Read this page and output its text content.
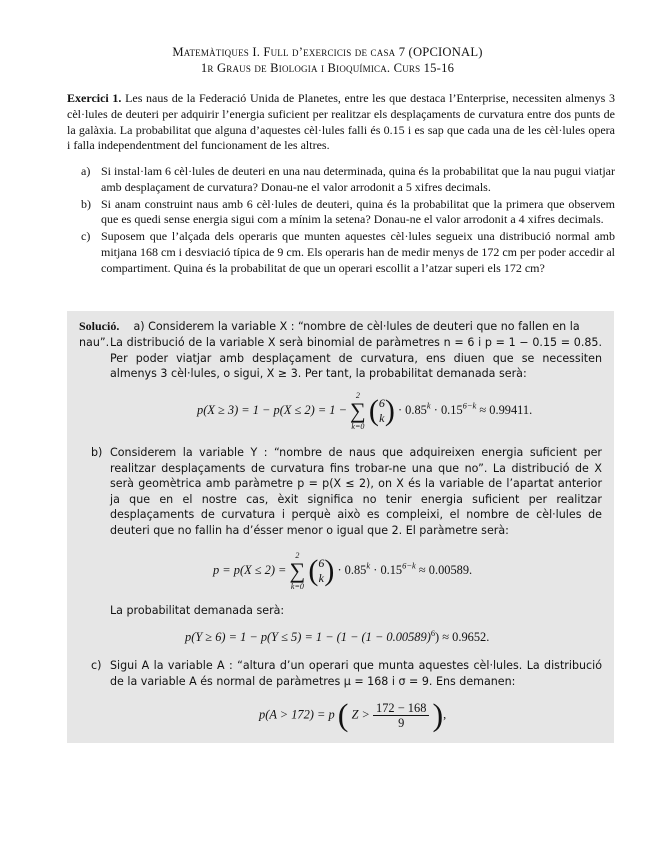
Matemàtiques I. Full d’exercicis de casa 7 (OPCIONAL)
1r Graus de Biologia i Bioquímica. Curs 15-16
Exercici 1. Les naus de la Federació Unida de Planetes, entre les que destaca l’Enterprise, necessiten almenys 3 cèl·lules de deuteri per adquirir l’energia suficient per realitzar els desplaçaments de curvatura entre dos punts de la galàxia. La probabilitat que alguna d’aquestes cèl·lules falli és 0.15 i es sap que cada una de les cèl·lules opera i falla independentment del funcionament de les altres.
a) Si instal·lam 6 cèl·lules de deuteri en una nau determinada, quina és la probabilitat que la nau pugui viatjar amb desplaçament de curvatura? Donau-ne el valor arrodonit a 5 xifres decimals.
b) Si anam construint naus amb 6 cèl·lules de deuteri, quina és la probabilitat que la primera que observem que es quedi sense energia sigui com a mínim la setena? Donau-ne el valor arrodonit a 4 xifres decimals.
c) Suposem que l’alçada dels operaris que munten aquestes cèl·lules segueix una distribució normal amb mitjana 168 cm i desviació típica de 9 cm. Els operaris han de medir menys de 172 cm per poder accedir al compartiment. Quina és la probabilitat de que un operari escollit a l’atzar superi els 172 cm?
Solució. a) Considerem la variable X : “nombre de cèl·lules de deuteri que no fallen en la nau”. La distribució de la variable X serà binomial de paràmetres n = 6 i p = 1 − 0.15 = 0.85. Per poder viatjar amb desplaçament de curvatura, ens diuen que se necessiten almenys 3 cèl·lules, o sigui, X ≥ 3. Per tant, la probabilitat demanada serà:
p(X ≥ 3) = 1 − p(X ≤ 2) = 1 −
2
∑
k=0 ( 6
k ) · $0.85^k \cdot 0.15^{6-k} \approx 0.99411$.
b) Considerem la variable Y : “nombre de naus que adquireixen energia suficient per realitzar desplaçaments de curvatura fins trobar-ne una que no”. La distribució de X serà geomètrica amb paràmetre p = p(X ≤ 2), on X és la variable de l’apartat anterior ja que en el nostre cas, èxit significa no tenir energia suficient per realitzar desplaçaments de curvatura i perquè això es compleixi, el nombre de cèl·lules de deuteri que no fallin ha d’ésser menor o igual que 2. El paràmetre serà:
p = p(X ≤ 2) =
2
∑
k=0 ( 6
k ) · $0.85^k \cdot 0.15^{6-k} \approx 0.00589$.
La probabilitat demanada serà:
$p(Y \ge 6) = 1 - p(Y \le 5) = 1 - (1 - (1 - 0.00589)^6) \approx 0.9652$.
c) Sigui A la variable A : “altura d’un operari que munta aquestes cèl·lules. La distribució de la variable A és normal de paràmetres μ = 168 i σ = 9. Ens demanen:
p(A > 172) = p ( $Z > \frac{172 - 168}{9}$ ),
